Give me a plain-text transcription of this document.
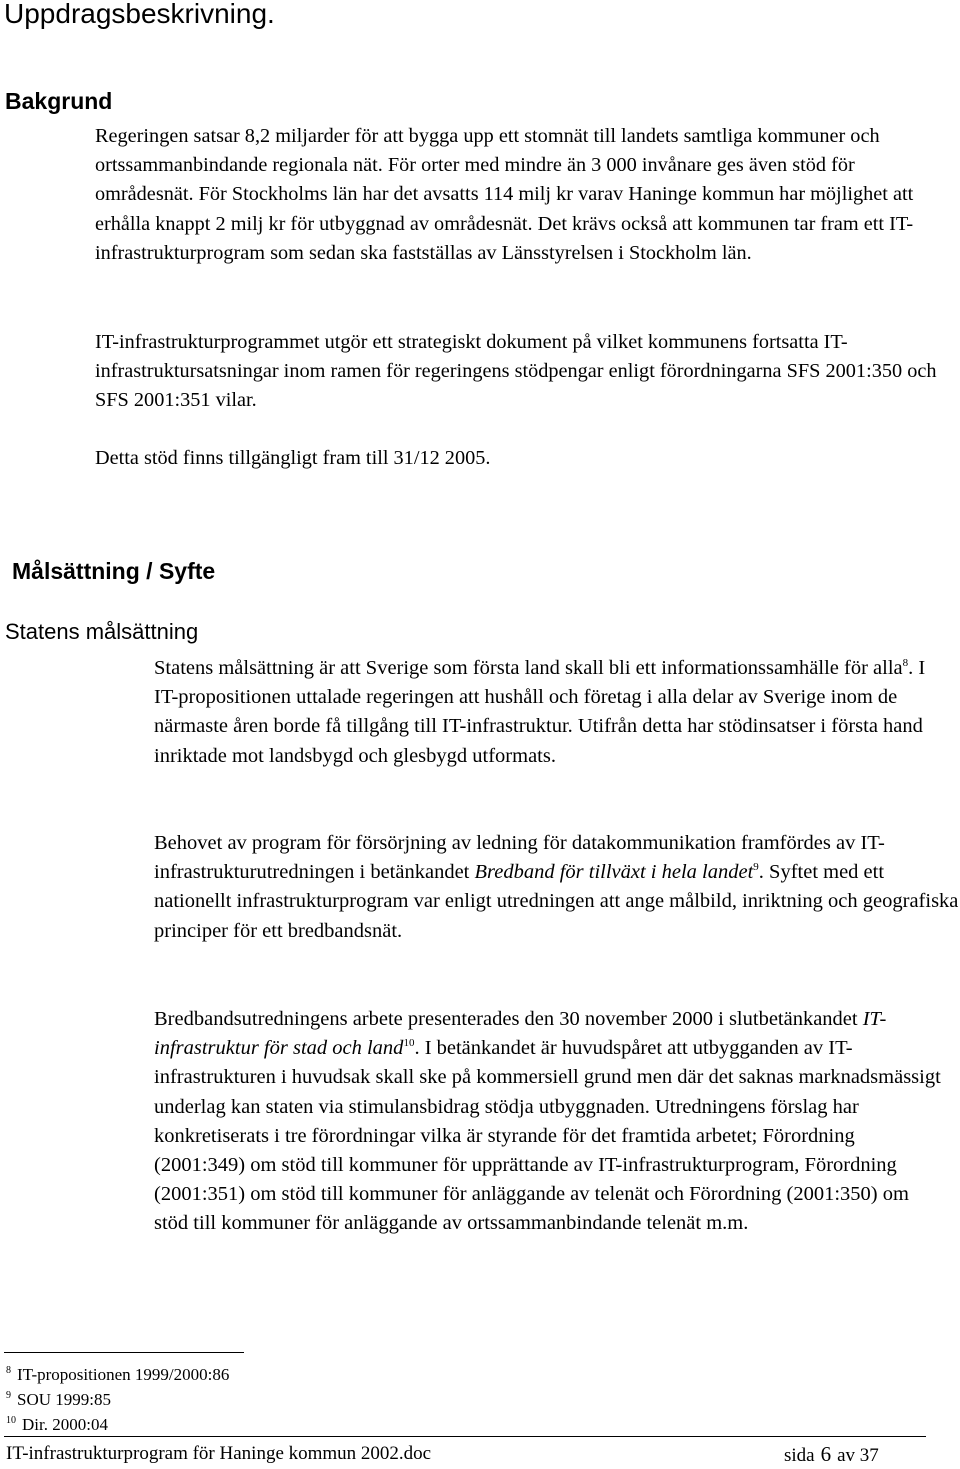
Uppdragsbeskrivning.
Bakgrund

Regeringen satsar 8,2 miljarder för att bygga upp ett stomnät till landets samtliga kommuner och ortssammanbindande regionala nät. För orter med mindre än 3 000 invånare ges även stöd för områdesnät. För Stockholms län har det avsatts 114 milj kr varav Haninge kommun har möjlighet att erhålla knappt 2 milj kr för utbyggnad av områdesnät. Det krävs också att kommunen tar fram ett IT-infrastrukturprogram som sedan ska fastställas av Länsstyrelsen i Stockholm län.

IT-infrastrukturprogrammet utgör ett strategiskt dokument på vilket kommunens fortsatta IT-infrastruktursatsningar inom ramen för regeringens stödpengar enligt förordningarna SFS 2001:350 och SFS 2001:351 vilar.

Detta stöd finns tillgängligt fram till 31/12 2005.

Målsättning / Syfte
Statens målsättning

Statens målsättning är att Sverige som första land skall bli ett informationssamhälle för alla$^8$. I IT-propositionen uttalade regeringen att hushåll och företag i alla delar av Sverige inom de närmaste åren borde få tillgång till IT-infrastruktur. Utifrån detta har stödinsatser i första hand inriktade mot landsbygd och glesbygd utformats.

Behovet av program för försörjning av ledning för datakommunikation framfördes av IT-infrastrukturutredningen i betänkandet Bredband för tillväxt i hela landet$^9$. Syftet med ett nationellt infrastrukturprogram var enligt utredningen att ange målbild, inriktning och geografiska principer för ett bredbandsnät.

Bredbandsutredningens arbete presenterades den 30 november 2000 i slutbetänkandet IT-infrastruktur för stad och land$^{10}$. I betänkandet är huvudspåret att utbygganden av IT-infrastrukturen i huvudsak skall ske på kommersiell grund men där det saknas marknadsmässigt underlag kan staten via stimulansbidrag stödja utbyggnaden. Utredningens förslag har konkretiserats i tre förordningar vilka är styrande för det framtida arbetet; Förordning (2001:349) om stöd till kommuner för upprättande av IT-infrastrukturprogram, Förordning (2001:351) om stöd till kommuner för anläggande av telenät och Förordning (2001:350) om stöd till kommuner för anläggande av ortssammanbindande telenät m.m.

$^8$ IT-propositionen 1999/2000:86
$^9$ SOU 1999:85
$^{10}$ Dir. 2000:04
IT-infrastrukturprogram för Haninge kommun 2002.doc	sida 6 av 37
